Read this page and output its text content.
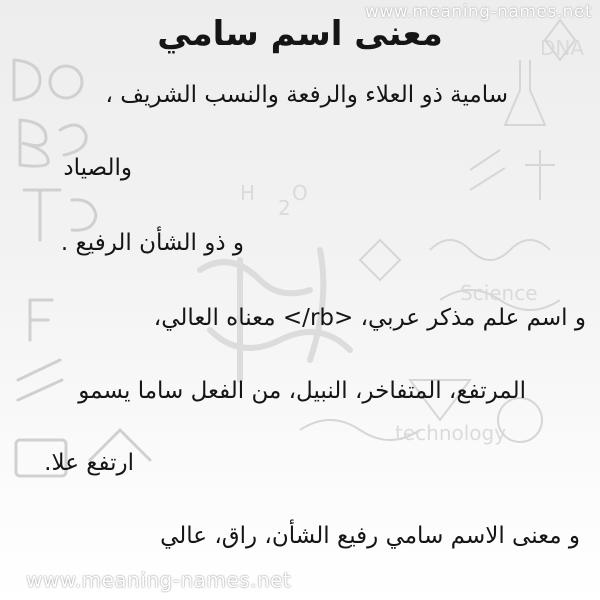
H
2
O
Science
technology
DNA
www.meaning-names.net
معنى اسم سامي
سامية ذو العلاء والرفعة والنسب الشريف ،
والصياد
و ذو الشأن الرفيع .
و اسم علم مذكر عربي، <rb/> معناه العالي،
المرتفع، المتفاخر، النبيل، من الفعل ساما يسمو
ارتفع علا.
و معنى الاسم سامي رفيع الشأن، راق، عالي
www.meaning-names.net
